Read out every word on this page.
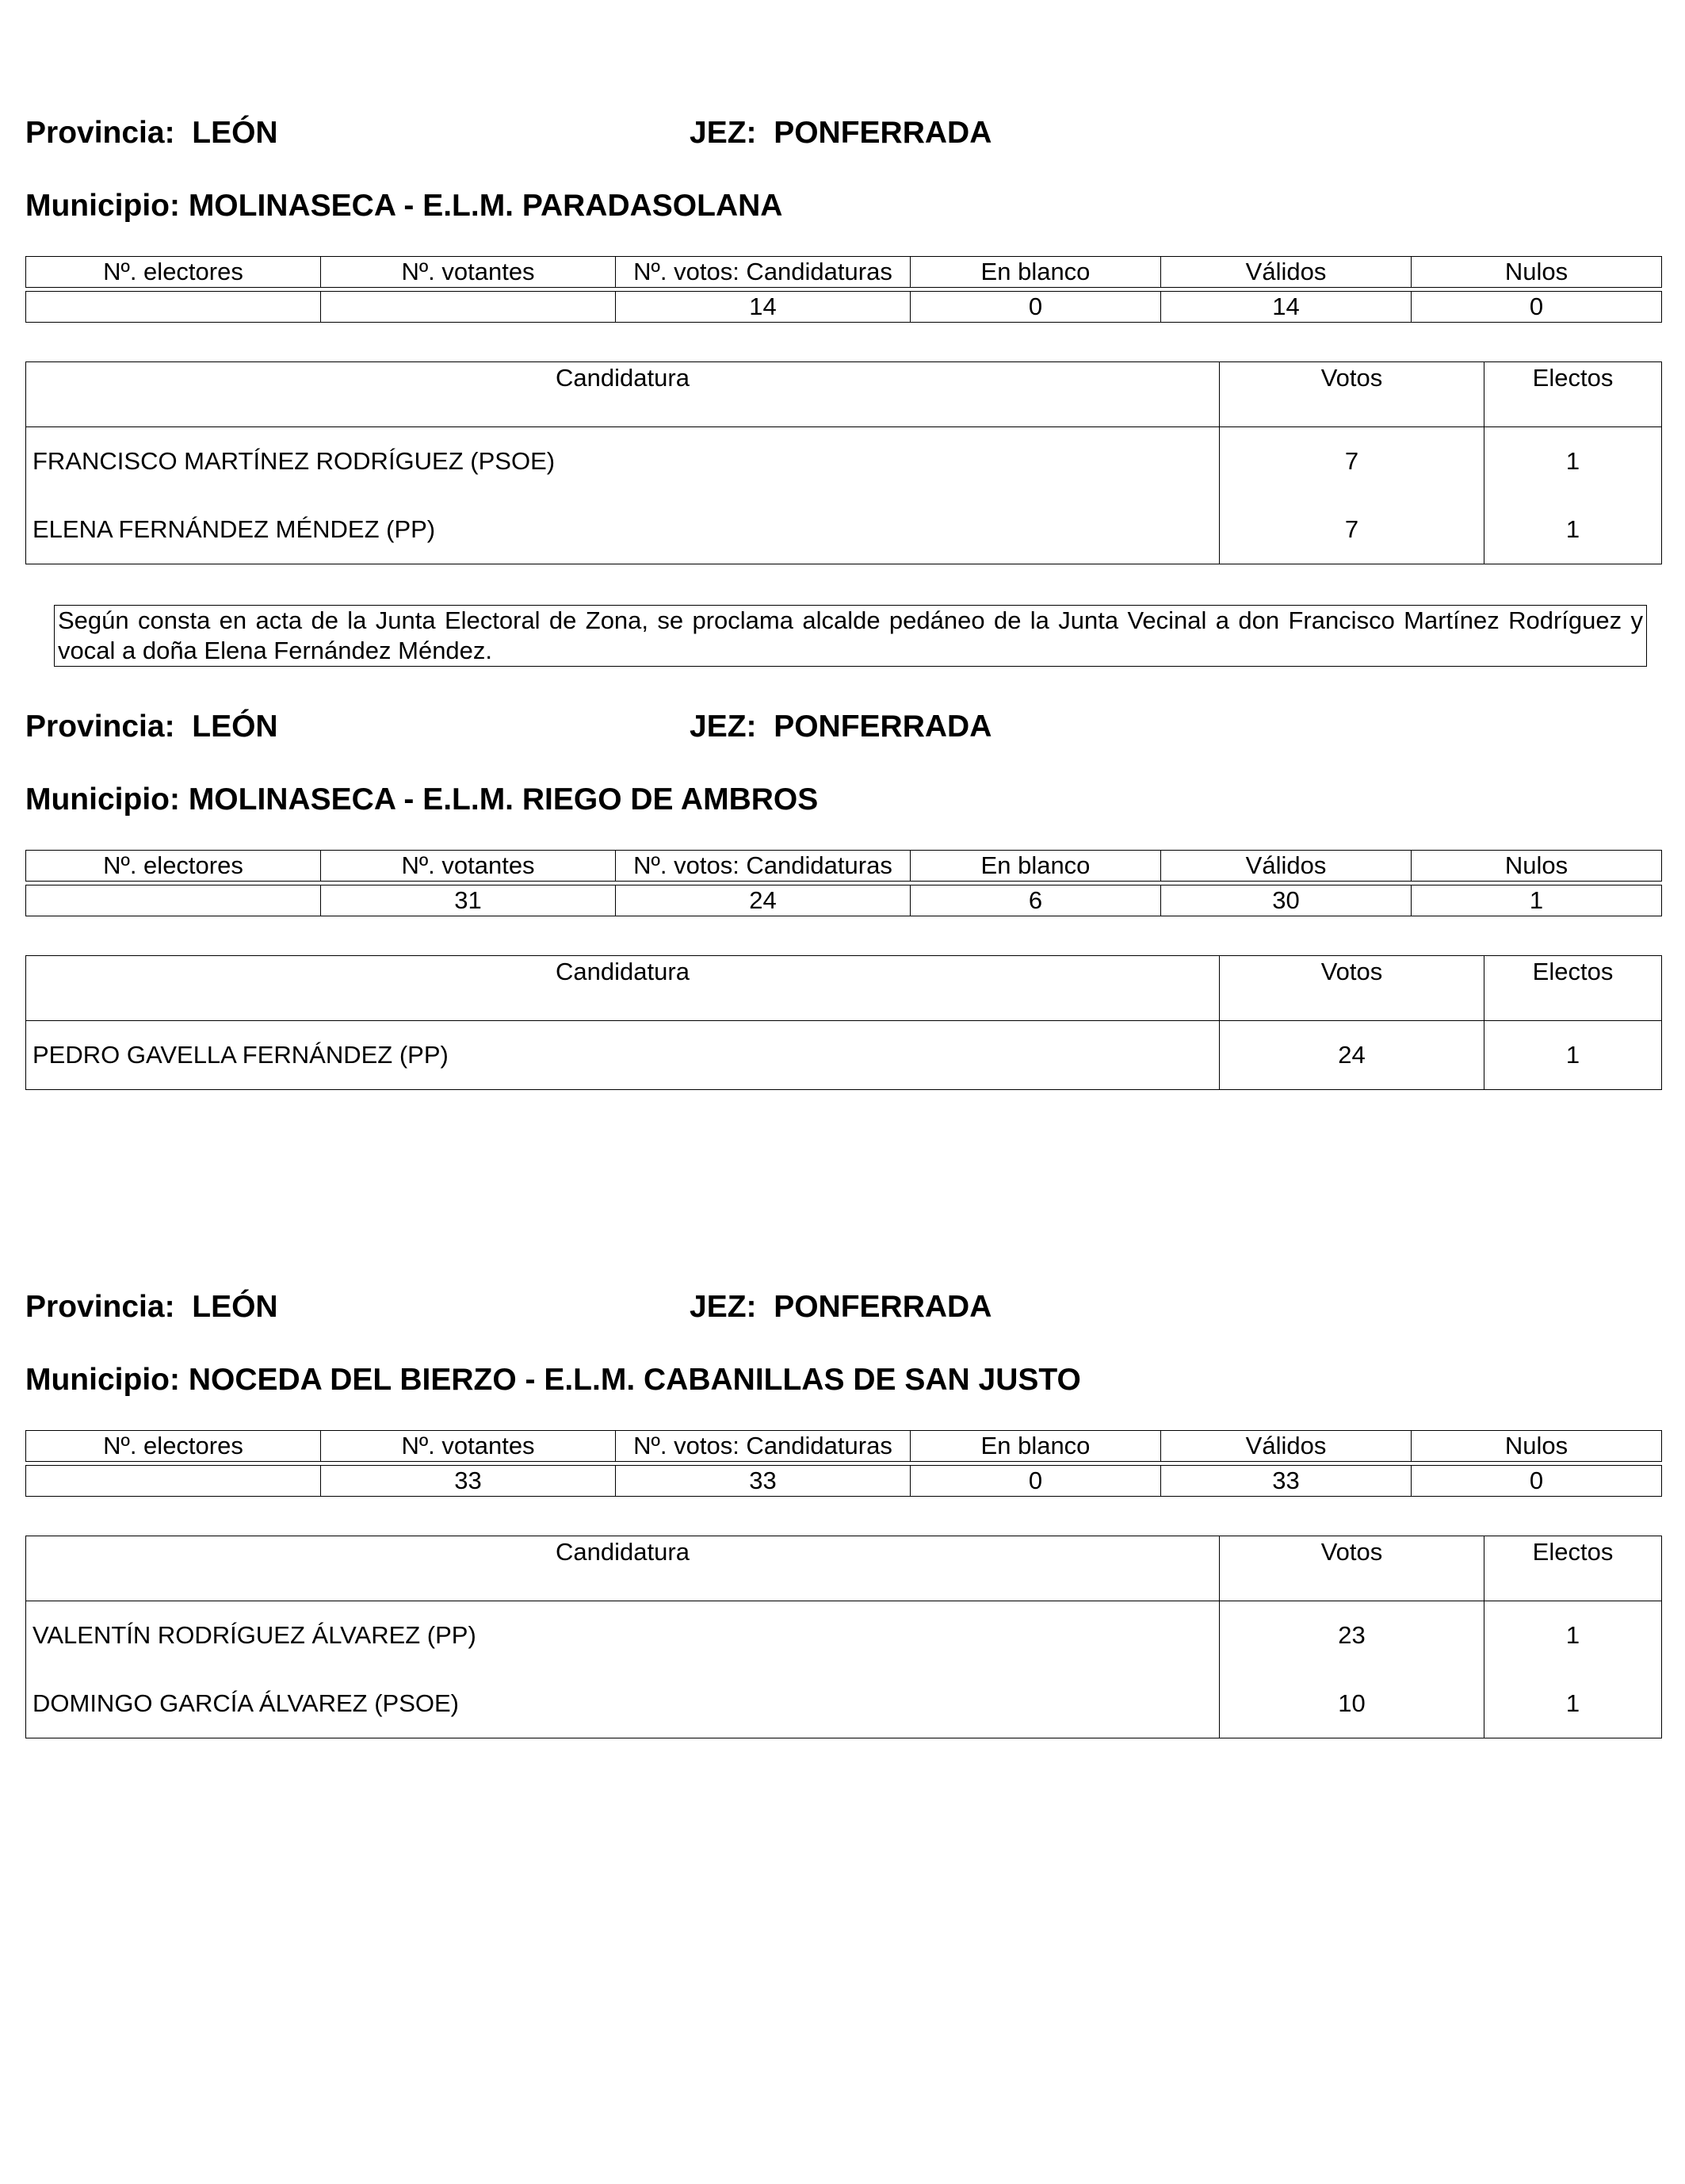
Provincia: LEÓN	JEZ: PONFERRADA
Municipio: MOLINASECA - E.L.M. PARADASOLANA
Nº. electores	Nº. votantes	Nº. votos: Candidaturas	En blanco	Válidos	Nulos

		14	0	14	0
Candidatura	Votos	Electos
FRANCISCO MARTÍNEZ RODRÍGUEZ (PSOE)	7	1
ELENA FERNÁNDEZ MÉNDEZ (PP)	7	1
Según consta en acta de la Junta Electoral de Zona, se proclama alcalde pedáneo de la Junta Vecinal a don Francisco Martínez Rodríguez y vocal a doña Elena Fernández Méndez.
Provincia: LEÓN	JEZ: PONFERRADA
Municipio: MOLINASECA - E.L.M. RIEGO DE AMBROS
Nº. electores	Nº. votantes	Nº. votos: Candidaturas	En blanco	Válidos	Nulos

	31	24	6	30	1
Candidatura	Votos	Electos
PEDRO GAVELLA FERNÁNDEZ (PP)	24	1
Provincia: LEÓN	JEZ: PONFERRADA
Municipio: NOCEDA DEL BIERZO - E.L.M. CABANILLAS DE SAN JUSTO
Nº. electores	Nº. votantes	Nº. votos: Candidaturas	En blanco	Válidos	Nulos

	33	33	0	33	0
Candidatura	Votos	Electos
VALENTÍN RODRÍGUEZ ÁLVAREZ (PP)	23	1
DOMINGO GARCÍA ÁLVAREZ (PSOE)	10	1
